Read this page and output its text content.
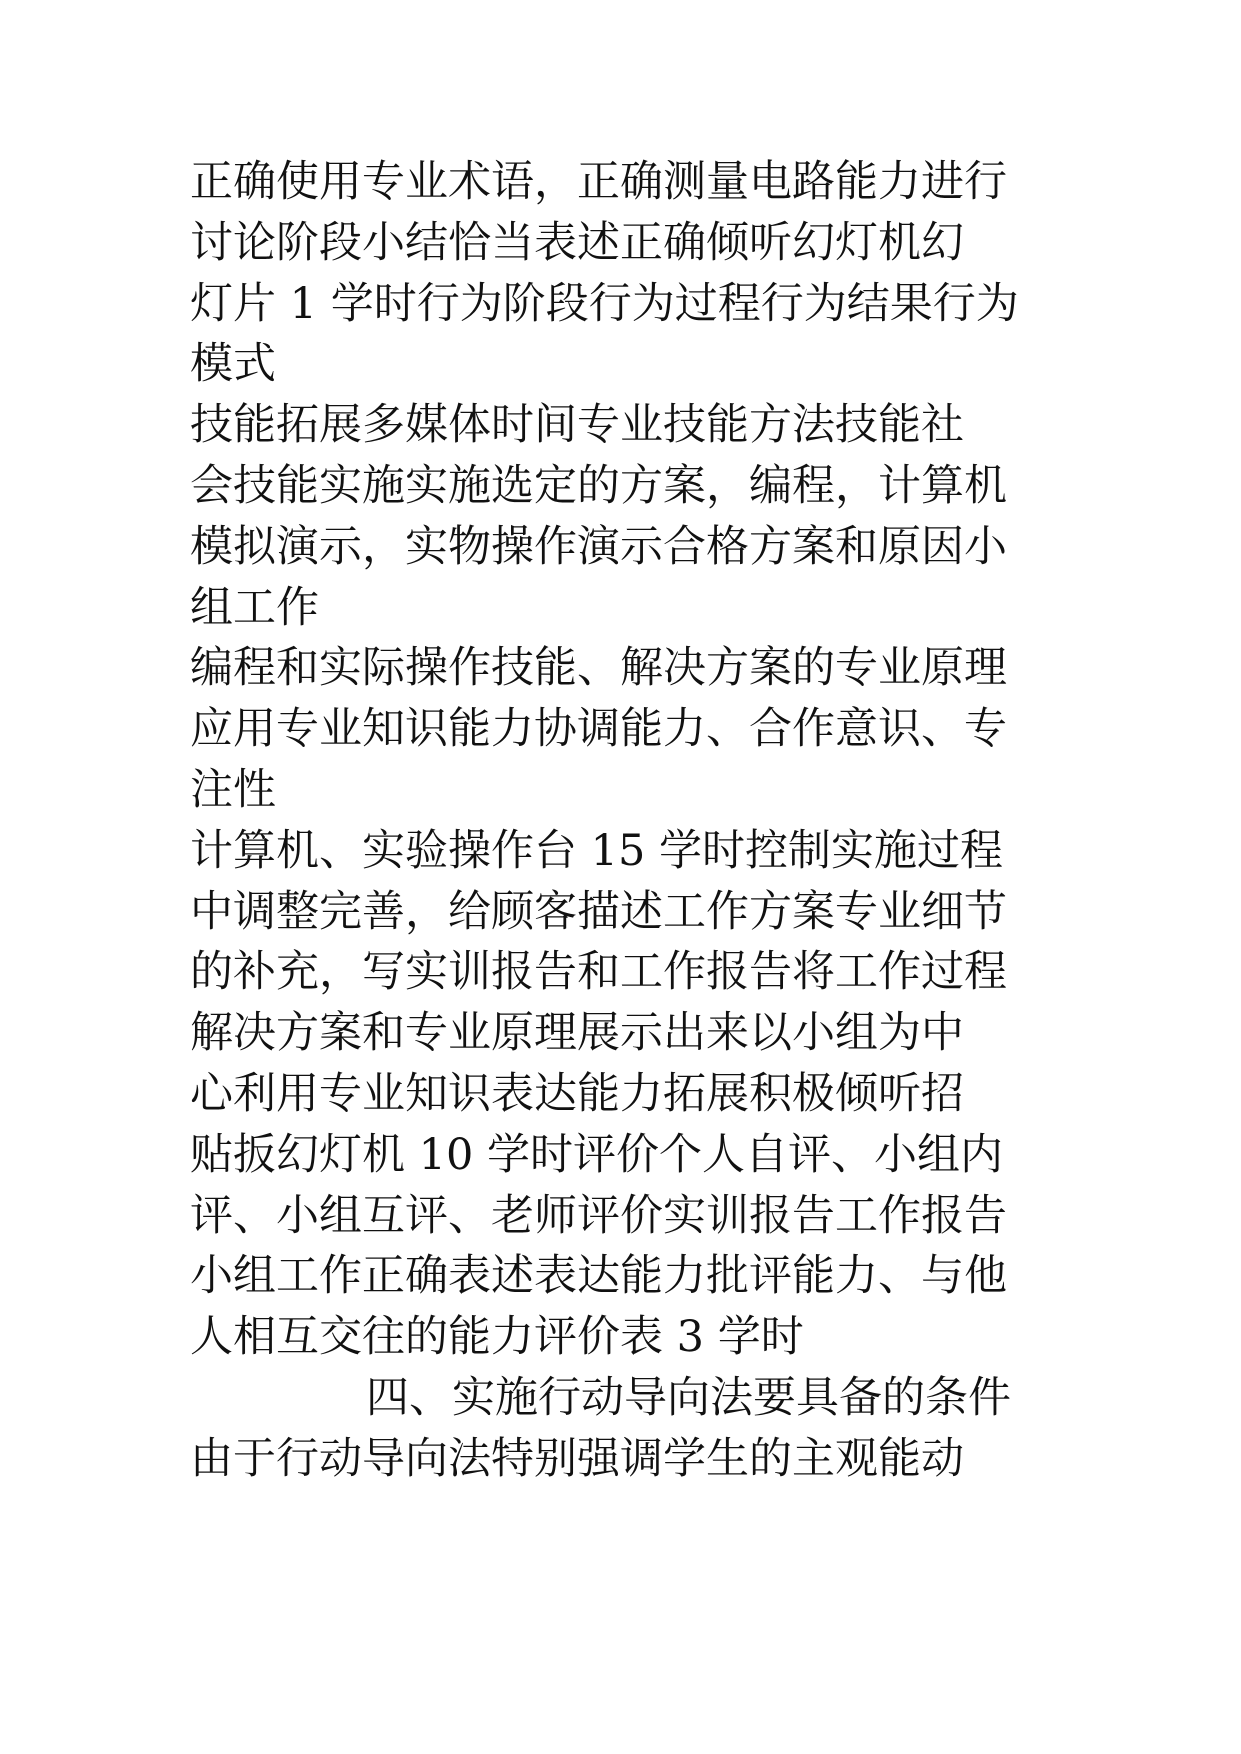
正确使用专业术语，正确测量电路能力进行
讨论阶段小结恰当表述正确倾听幻灯机幻
灯片 1 学时行为阶段行为过程行为结果行为
模式
技能拓展多媒体时间专业技能方法技能社
会技能实施实施选定的方案，编程，计算机
模拟演示，实物操作演示合格方案和原因小
组工作
编程和实际操作技能、解决方案的专业原理
应用专业知识能力协调能力、合作意识、专
注性
计算机、实验操作台 15 学时控制实施过程
中调整完善，给顾客描述工作方案专业细节
的补充，写实训报告和工作报告将工作过程
解决方案和专业原理展示出来以小组为中
心利用专业知识表达能力拓展积极倾听招
贴扳幻灯机 10 学时评价个人自评、小组内
评、小组互评、老师评价实训报告工作报告
小组工作正确表述表达能力批评能力、与他
人相互交往的能力评价表 3 学时
四、实施行动导向法要具备的条件
由于行动导向法特别强调学生的主观能动
